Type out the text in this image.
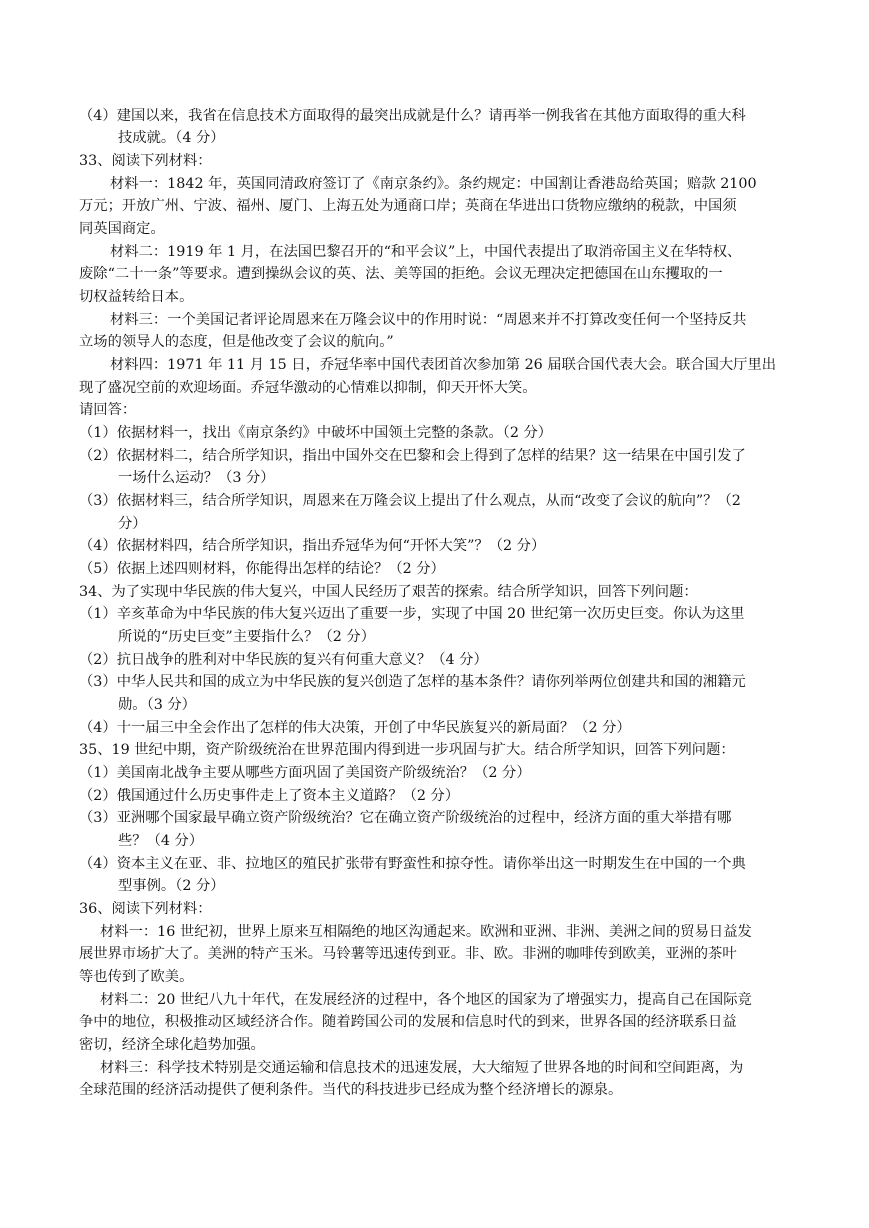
（4）建国以来，我省在信息技术方面取得的最突出成就是什么？请再举一例我省在其他方面取得的重大科
技成就。（4 分）
33、阅读下列材料：
材料一：1842 年，英国同清政府签订了《南京条约》。条约规定：中国割让香港岛给英国；赔款 2100
万元；开放广州、宁波、福州、厦门、上海五处为通商口岸；英商在华进出口货物应缴纳的税款，中国须
同英国商定。
材料二：1919 年 1 月，在法国巴黎召开的“和平会议”上，中国代表提出了取消帝国主义在华特权、
废除“二十一条”等要求。遭到操纵会议的英、法、美等国的拒绝。会议无理决定把德国在山东攫取的一
切权益转给日本。
材料三：一个美国记者评论周恩来在万隆会议中的作用时说：“周恩来并不打算改变任何一个坚持反共
立场的领导人的态度，但是他改变了会议的航向。”
材料四：1971 年 11 月 15 日，乔冠华率中国代表团首次参加第 26 届联合国代表大会。联合国大厅里出
现了盛况空前的欢迎场面。乔冠华激动的心情难以抑制，仰天开怀大笑。
请回答：
（1）依据材料一，找出《南京条约》中破坏中国领土完整的条款。（2 分）
（2）依据材料二，结合所学知识，指出中国外交在巴黎和会上得到了怎样的结果？这一结果在中国引发了
一场什么运动？（3 分）
（3）依据材料三，结合所学知识，周恩来在万隆会议上提出了什么观点，从而“改变了会议的航向”？（2
分）
（4）依据材料四，结合所学知识，指出乔冠华为何“开怀大笑”？（2 分）
（5）依据上述四则材料，你能得出怎样的结论？（2 分）
34、为了实现中华民族的伟大复兴，中国人民经历了艰苦的探索。结合所学知识，回答下列问题：
（1）辛亥革命为中华民族的伟大复兴迈出了重要一步，实现了中国 20 世纪第一次历史巨变。你认为这里
所说的“历史巨变”主要指什么？（2 分）
（2）抗日战争的胜利对中华民族的复兴有何重大意义？（4 分）
（3）中华人民共和国的成立为中华民族的复兴创造了怎样的基本条件？请你列举两位创建共和国的湘籍元
勋。（3 分）
（4）十一届三中全会作出了怎样的伟大决策，开创了中华民族复兴的新局面？（2 分）
35、19 世纪中期，资产阶级统治在世界范围内得到进一步巩固与扩大。结合所学知识，回答下列问题：
（1）美国南北战争主要从哪些方面巩固了美国资产阶级统治？（2 分）
（2）俄国通过什么历史事件走上了资本主义道路？（2 分）
（3）亚洲哪个国家最早确立资产阶级统治？它在确立资产阶级统治的过程中，经济方面的重大举措有哪
些？（4 分）
（4）资本主义在亚、非、拉地区的殖民扩张带有野蛮性和掠夺性。请你举出这一时期发生在中国的一个典
型事例。（2 分）
36、阅读下列材料：
材料一：16 世纪初，世界上原来互相隔绝的地区沟通起来。欧洲和亚洲、非洲、美洲之间的贸易日益发
展世界市场扩大了。美洲的特产玉米。马铃薯等迅速传到亚。非、欧。非洲的咖啡传到欧美，亚洲的茶叶
等也传到了欧美。
材料二：20 世纪八九十年代，在发展经济的过程中，各个地区的国家为了增强实力，提高自己在国际竞
争中的地位，积极推动区域经济合作。随着跨国公司的发展和信息时代的到来，世界各国的经济联系日益
密切，经济全球化趋势加强。
材料三：科学技术特别是交通运输和信息技术的迅速发展，大大缩短了世界各地的时间和空间距离，为
全球范围的经济活动提供了便利条件。当代的科技进步已经成为整个经济增长的源泉。
